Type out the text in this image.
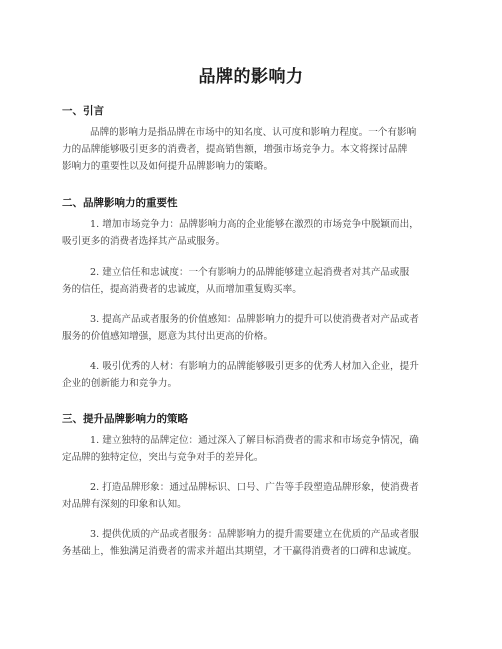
品牌的影响力
一、引言
品牌的影响力是指品牌在市场中的知名度、认可度和影响力程度。一个有影响
力的品牌能够吸引更多的消费者，提高销售额，增强市场竞争力。本文将探讨品牌
影响力的重要性以及如何提升品牌影响力的策略。
二、品牌影响力的重要性
1. 增加市场竞争力：品牌影响力高的企业能够在激烈的市场竞争中脱颖而出，
吸引更多的消费者选择其产品或服务。
2. 建立信任和忠诚度：一个有影响力的品牌能够建立起消费者对其产品或服
务的信任，提高消费者的忠诚度，从而增加重复购买率。
3. 提高产品或者服务的价值感知：品牌影响力的提升可以使消费者对产品或者
服务的价值感知增强，愿意为其付出更高的价格。
4. 吸引优秀的人材：有影响力的品牌能够吸引更多的优秀人材加入企业，提升
企业的创新能力和竞争力。
三、提升品牌影响力的策略
1. 建立独特的品牌定位：通过深入了解目标消费者的需求和市场竞争情况，确
定品牌的独特定位，突出与竞争对手的差异化。
2. 打造品牌形象：通过品牌标识、口号、广告等手段塑造品牌形象，使消费者
对品牌有深刻的印象和认知。
3. 提供优质的产品或者服务：品牌影响力的提升需要建立在优质的产品或者服
务基础上，惟独满足消费者的需求并超出其期望，才干赢得消费者的口碑和忠诚度。
